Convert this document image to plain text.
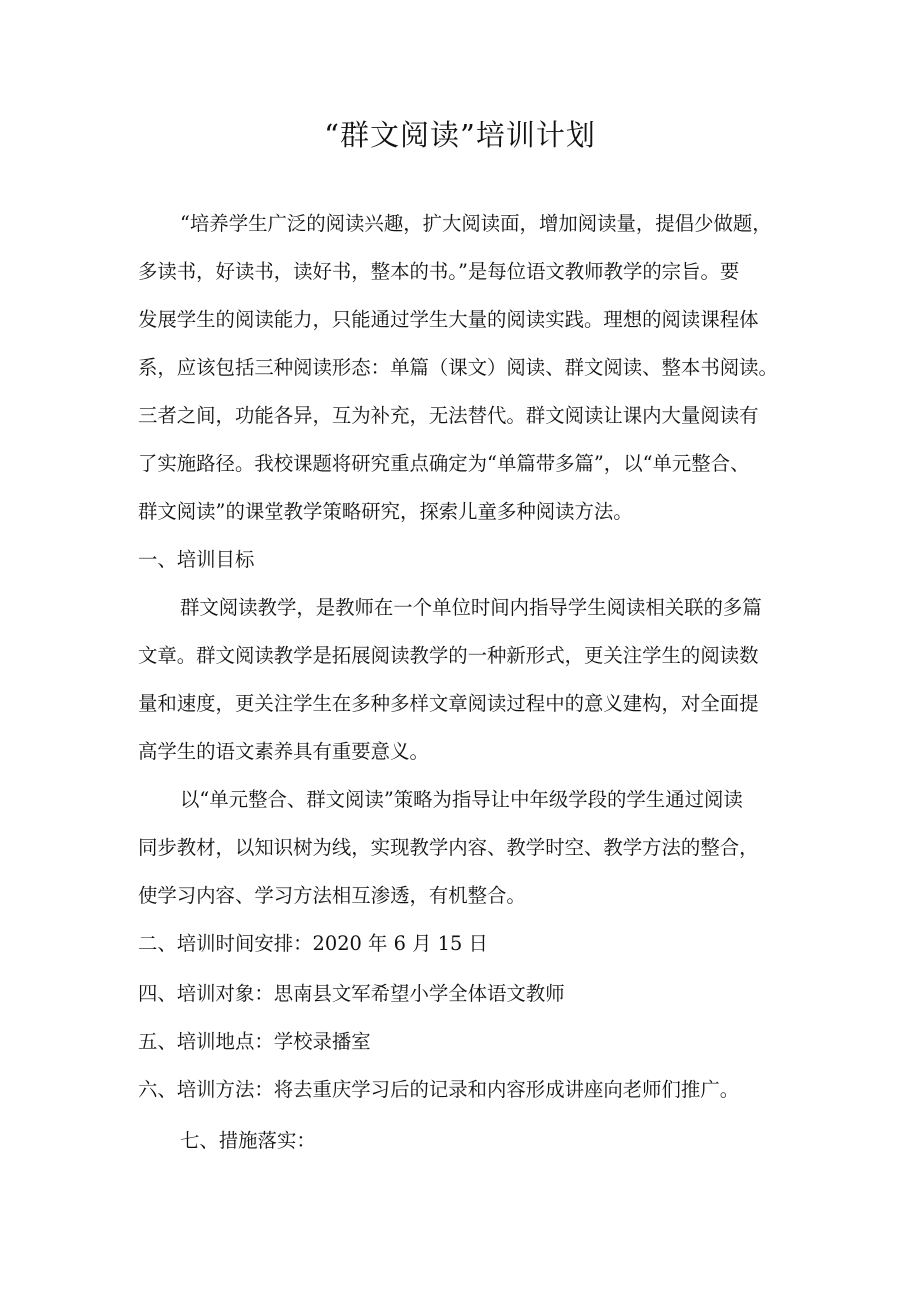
“群文阅读”培训计划
“培养学生广泛的阅读兴趣，扩大阅读面，增加阅读量，提倡少做题，
多读书，好读书，读好书，整本的书。”是每位语文教师教学的宗旨。要
发展学生的阅读能力，只能通过学生大量的阅读实践。理想的阅读课程体
系，应该包括三种阅读形态：单篇（课文）阅读、群文阅读、整本书阅读。
三者之间，功能各异，互为补充，无法替代。群文阅读让课内大量阅读有
了实施路径。我校课题将研究重点确定为“单篇带多篇”，以“单元整合、
群文阅读”的课堂教学策略研究，探索儿童多种阅读方法。
一、培训目标
群文阅读教学，是教师在一个单位时间内指导学生阅读相关联的多篇
文章。群文阅读教学是拓展阅读教学的一种新形式，更关注学生的阅读数
量和速度，更关注学生在多种多样文章阅读过程中的意义建构，对全面提
高学生的语文素养具有重要意义。
以“单元整合、群文阅读”策略为指导让中年级学段的学生通过阅读
同步教材，以知识树为线，实现教学内容、教学时空、教学方法的整合，
使学习内容、学习方法相互渗透，有机整合。
二、培训时间安排：2020 年 6 月 15 日
四、培训对象：思南县文军希望小学全体语文教师
五、培训地点：学校录播室
六、培训方法：将去重庆学习后的记录和内容形成讲座向老师们推广。
七、措施落实：
